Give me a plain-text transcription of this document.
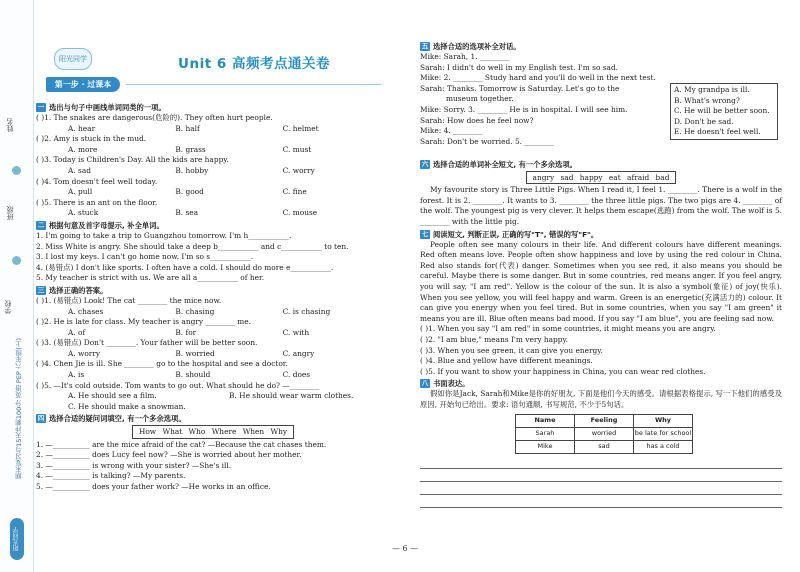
姓名
班级
学校
期末复习与15天冲刺100分 英语 PEP 六年级(上)
阳光同学
阳光同学	Unit 6 高频考点通关卷
第一步 · 过课本
一 选出与句子中画线单词同类的一项。
( )1. The snakes are dangerous(危险的). They often hurt people.
A. hear	B. half	C. helmet
( )2. Amy is stuck in the mud.
A. more	B. grass	C. must
( )3. Today is Children's Day. All the kids are happy.
A. sad	B. hobby	C. worry
( )4. Tom doesn't feel well today.
A. pull	B. good	C. fine
( )5. There is an ant on the floor.
A. stuck	B. sea	C. mouse
二 根据句意及首字母提示, 补全单词。
1. I'm going to take a trip to Guangzhou tomorrow. I'm h___________.
2. Miss White is angry. She should take a deep b___________ and c___________ to ten.
3. I lost my keys. I can't go home now. I'm so s___________.
4. (易错点) I don't like sports. I often have a cold. I should do more e___________.
5. My teacher is strict with us. We are all a___________ of her.
三 选择正确的答案。
( )1. (易错点) Look! The cat ________ the mice now.
A. chases	B. chasing	C. is chasing
( )2. He is late for class. My teacher is angry ________ me.
A. of	B. for	C. with
( )3. (易错点) Don't ________. Your father will be better soon.
A. worry	B. worried	C. angry
( )4. Chen Jie is ill. She ________ go to the hospital and see a doctor.
A. is	B. should	C. does
( )5. —It's cold outside. Tom wants to go out. What should he do? —________
A. He should see a film.	B. He should wear warm clothes.
C. He should make a snowman.
四 选择合适的疑问词填空, 有一个多余选项。
How What Who Where When Why
1. —__________ are the mice afraid of the cat? —Because the cat chases them.
2. —__________ does Lucy feel now? —She is worried about her mother.
3. —__________ is wrong with your sister? —She's ill.
4. —__________ is talking? —My parents.
5. —__________ does your father work? —He works in an office.
五 选择合适的选项补全对话。
Mike: Sarah, 1. ________
Sarah: I didn't do well in my English test. I'm so sad.
Mike: 2. ________ Study hard and you'll do well in the next test.
Sarah: Thanks. Tomorrow is Saturday. Let's go to the
museum together.
Mike: Sorry. 3. ________ He is in hospital. I will see him.
Sarah: How does he feel now?
Mike: 4. ________
Sarah: Don't be worried. 5. ________
A. My grandpa is ill.
B. What's wrong?
C. He will be better soon.
D. Don't be sad.
E. He doesn't feel well.
六 选择合适的单词补全短文, 有一个多余选项。
angry sad happy eat afraid bad
My favourite story is Three Little Pigs. When I read it, I feel 1. ________. There is a wolf in the forest. It is 2. ________. It wants to 3. ________ the three little pigs. The two pigs are 4. ________ of the wolf. The youngest pig is very clever. It helps them escape(逃跑) from the wolf. The wolf is 5. ________ with the little pig.
七 阅读短文, 判断正误, 正确的写"T", 错误的写"F"。
People often see many colours in their life. And different colours have different meanings. Red often means love. People often show happiness and love by using the red colour in China. Red also stands for(代表) danger. Sometimes when you see red, it also means you should be careful. Maybe there is some danger. But in some countries, red means anger. If you feel angry, you will say, "I am red". Yellow is the colour of the sun. It is also a symbol(象征) of joy(快乐). When you see yellow, you will feel happy and warm. Green is an energetic(充满活力的) colour. It can give you energy when you feel tired. But in some countries, when you say "I am green" it means you are ill. Blue often means bad mood. If you say "I am blue", you are feeling sad now.
( )1. When you say "I am red" in some countries, it might means you are angry.
( )2. "I am blue," means I'm very happy.
( )3. When you see green, it can give you energy.
( )4. Blue and yellow have different meanings.
( )5. If you want to show your happiness in China, you can wear red clothes.
八 书面表达。
假如你是Jack, Sarah和Mike是你的好朋友, 下面是他们今天的感受。请根据表格提示, 写一下他们的感受及原因, 开始句已给出。要求: 语句通顺, 书写规范, 不少于5句话。
Name	Feeling	Why
Sarah	worried	be late for school
Mike	sad	has a cold
— 6 —
